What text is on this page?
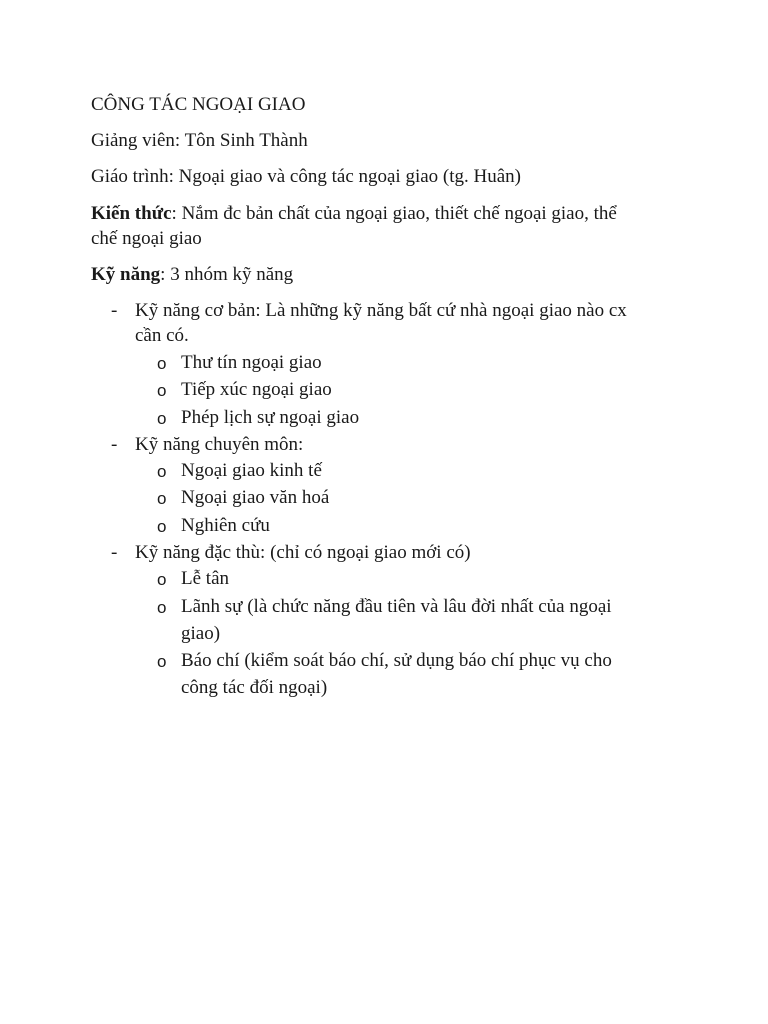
CÔNG TÁC NGOẠI GIAO
Giảng viên: Tôn Sinh Thành
Giáo trình: Ngoại giao và công tác ngoại giao (tg. Huân)
Kiến thức: Nắm đc bản chất của ngoại giao, thiết chế ngoại giao, thể
chế ngoại giao
Kỹ năng: 3 nhóm kỹ năng
- Kỹ năng cơ bản: Là những kỹ năng bất cứ nhà ngoại giao nào cx
cần có.
o Thư tín ngoại giao
o Tiếp xúc ngoại giao
o Phép lịch sự ngoại giao
- Kỹ năng chuyên môn:
o Ngoại giao kinh tế
o Ngoại giao văn hoá
o Nghiên cứu
- Kỹ năng đặc thù: (chỉ có ngoại giao mới có)
o Lễ tân
o Lãnh sự (là chức năng đầu tiên và lâu đời nhất của ngoại
giao)
o Báo chí (kiểm soát báo chí, sử dụng báo chí phục vụ cho
công tác đối ngoại)
